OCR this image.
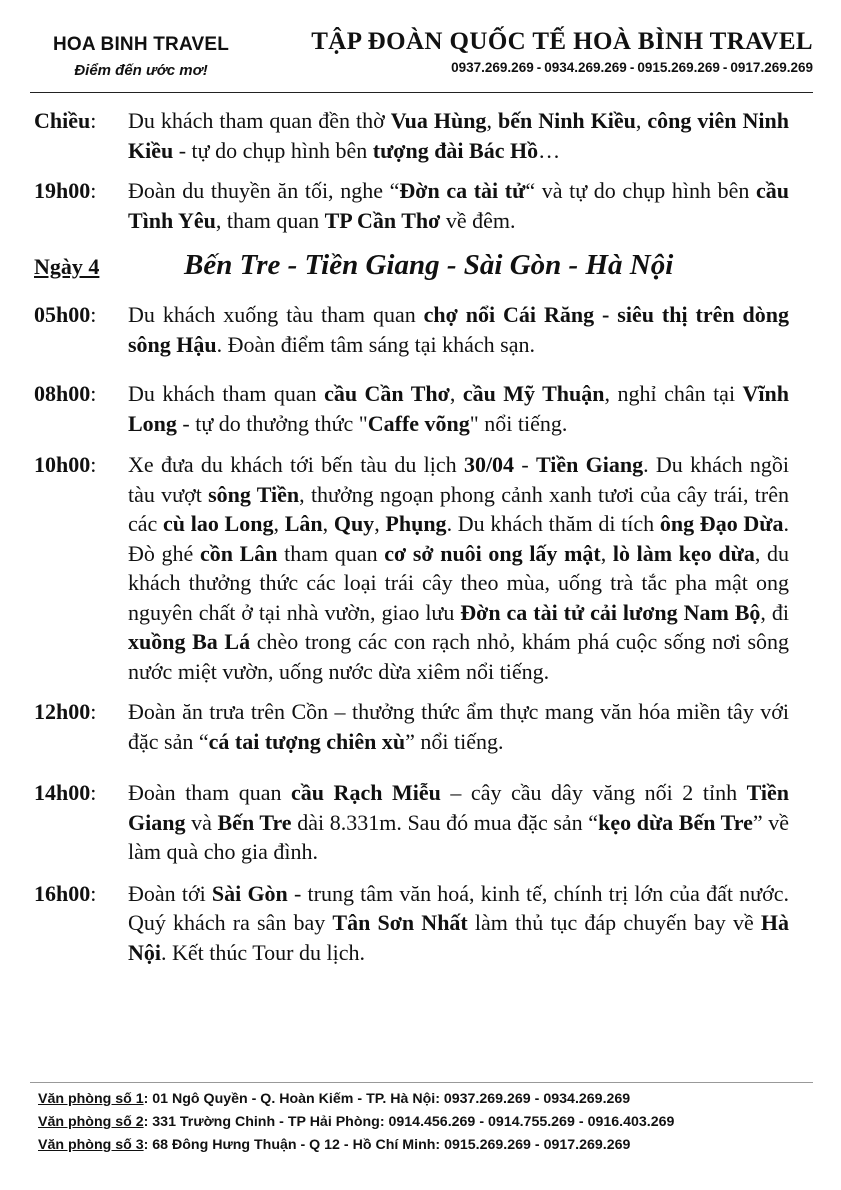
HOA BINH TRAVEL
Điểm đến ước mơ!
TẬP ĐOÀN QUỐC TẾ HOÀ BÌNH TRAVEL
0937.269.269 - 0934.269.269 - 0915.269.269 - 0917.269.269
Chiều:	Du khách tham quan đền thờ Vua Hùng, bến Ninh Kiều, công viên Ninh Kiều - tự do chụp hình bên tượng đài Bác Hồ…
19h00:	Đoàn du thuyền ăn tối, nghe “Đờn ca tài tử“ và tự do chụp hình bên cầu Tình Yêu, tham quan TP Cần Thơ về đêm.
Ngày 4	Bến Tre - Tiền Giang - Sài Gòn - Hà Nội
05h00:	Du khách xuống tàu tham quan chợ nổi Cái Răng - siêu thị trên dòng sông Hậu. Đoàn điểm tâm sáng tại khách sạn.
08h00:	Du khách tham quan cầu Cần Thơ, cầu Mỹ Thuận, nghỉ chân tại Vĩnh Long - tự do thưởng thức "Caffe võng" nổi tiếng.
10h00:	Xe đưa du khách tới bến tàu du lịch 30/04 - Tiền Giang. Du khách ngồi tàu vượt sông Tiền, thưởng ngoạn phong cảnh xanh tươi của cây trái, trên các cù lao Long, Lân, Quy, Phụng. Du khách thăm di tích ông Đạo Dừa. Đò ghé cồn Lân tham quan cơ sở nuôi ong lấy mật, lò làm kẹo dừa, du khách thưởng thức các loại trái cây theo mùa, uống trà tắc pha mật ong nguyên chất ở tại nhà vườn, giao lưu Đờn ca tài tử cải lương Nam Bộ, đi xuồng Ba Lá chèo trong các con rạch nhỏ, khám phá cuộc sống nơi sông nước miệt vườn, uống nước dừa xiêm nổi tiếng.
12h00:	Đoàn ăn trưa trên Cồn – thưởng thức ẩm thực mang văn hóa miền tây với đặc sản “cá tai tượng chiên xù” nổi tiếng.
14h00:	Đoàn tham quan cầu Rạch Miễu – cây cầu dây văng nối 2 tỉnh Tiền Giang và Bến Tre dài 8.331m. Sau đó mua đặc sản “kẹo dừa Bến Tre” về làm quà cho gia đình.
16h00:	Đoàn tới Sài Gòn - trung tâm văn hoá, kinh tế, chính trị lớn của đất nước. Quý khách ra sân bay Tân Sơn Nhất làm thủ tục đáp chuyến bay về Hà Nội. Kết thúc Tour du lịch.
Văn phòng số 1: 01 Ngô Quyền - Q. Hoàn Kiếm - TP. Hà Nội: 0937.269.269 - 0934.269.269
Văn phòng số 2: 331 Trường Chinh - TP Hải Phòng: 0914.456.269 - 0914.755.269 - 0916.403.269
Văn phòng số 3: 68 Đông Hưng Thuận - Q 12 - Hồ Chí Minh: 0915.269.269 - 0917.269.269
